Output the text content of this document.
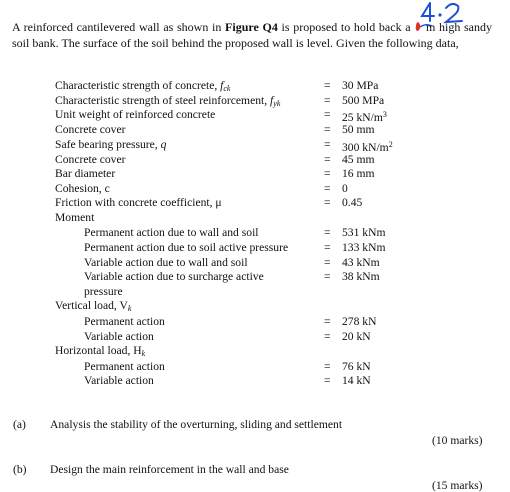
A reinforced cantilevered wall as shown in Figure Q4 is proposed to hold back a  m high sandy soil bank. The surface of the soil behind the proposed wall is level. Given the following data,
Characteristic strength of concrete, $f_{ck}$	= 30 MPa
Characteristic strength of steel reinforcement, $f_{yk}$	= 500 MPa
Unit weight of reinforced concrete	= 25 $kN/m^3$
Concrete cover	= 50 mm
Safe bearing pressure, q	= 300 $kN/m^2$
Concrete cover	= 45 mm
Bar diameter	= 16 mm
Cohesion, c	= 0
Friction with concrete coefficient, μ	= 0.45
Moment
Permanent action due to wall and soil	= 531 kNm
Permanent action due to soil active pressure	= 133 kNm
Variable action due to wall and soil	= 43 kNm
Variable action due to surcharge active	= 38 kNm
pressure
Vertical load, $V_k$
Permanent action	= 278 kN
Variable action	= 20 kN
Horizontal load, $H_k$
Permanent action	= 76 kN
Variable action	= 14 kN
(a) Analysis the stability of the overturning, sliding and settlement
(10 marks)
(b) Design the main reinforcement in the wall and base
(15 marks)
